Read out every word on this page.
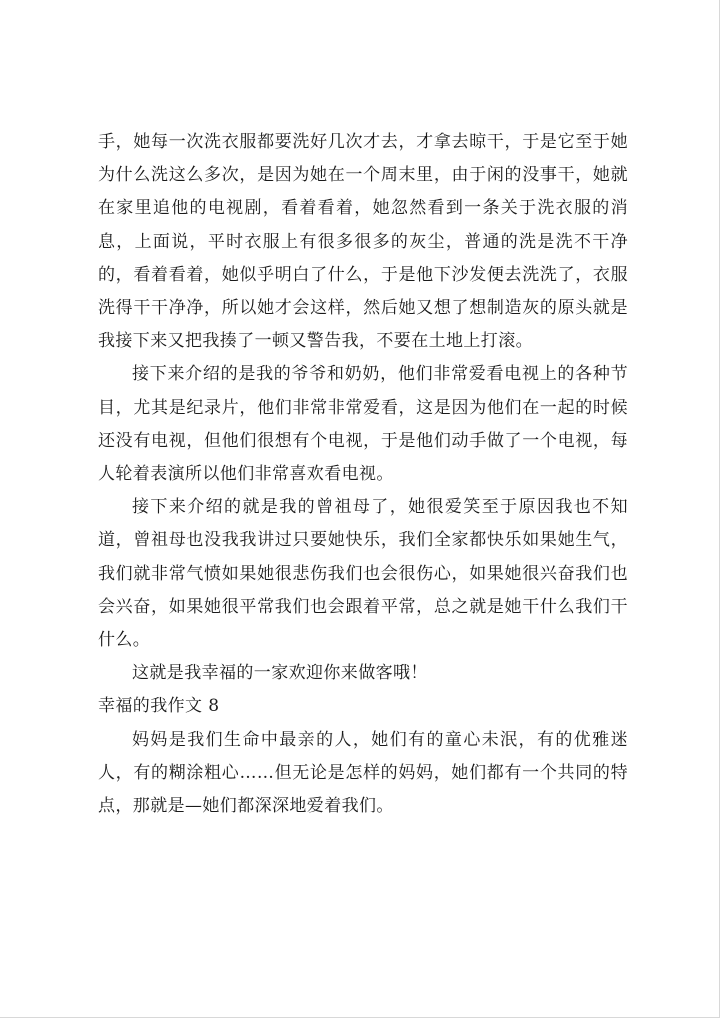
手，她每一次洗衣服都要洗好几次才去，才拿去晾干，于是它至于她为什么洗这么多次，是因为她在一个周末里，由于闲的没事干，她就在家里追他的电视剧，看着看着，她忽然看到一条关于洗衣服的消息，上面说，平时衣服上有很多很多的灰尘，普通的洗是洗不干净的，看着看着，她似乎明白了什么，于是他下沙发便去洗洗了，衣服洗得干干净净，所以她才会这样，然后她又想了想制造灰的原头就是我接下来又把我揍了一顿又警告我，不要在土地上打滚。

接下来介绍的是我的爷爷和奶奶，他们非常爱看电视上的各种节目，尤其是纪录片，他们非常非常爱看，这是因为他们在一起的时候还没有电视，但他们很想有个电视，于是他们动手做了一个电视，每人轮着表演所以他们非常喜欢看电视。

接下来介绍的就是我的曾祖母了，她很爱笑至于原因我也不知道，曾祖母也没我我讲过只要她快乐，我们全家都快乐如果她生气，我们就非常气愤如果她很悲伤我们也会很伤心，如果她很兴奋我们也会兴奋，如果她很平常我们也会跟着平常，总之就是她干什么我们干什么。

这就是我幸福的一家欢迎你来做客哦！

幸福的我作文 8

妈妈是我们生命中最亲的人，她们有的童心未泯，有的优雅迷人，有的糊涂粗心……但无论是怎样的妈妈，她们都有一个共同的特点，那就是—她们都深深地爱着我们。
